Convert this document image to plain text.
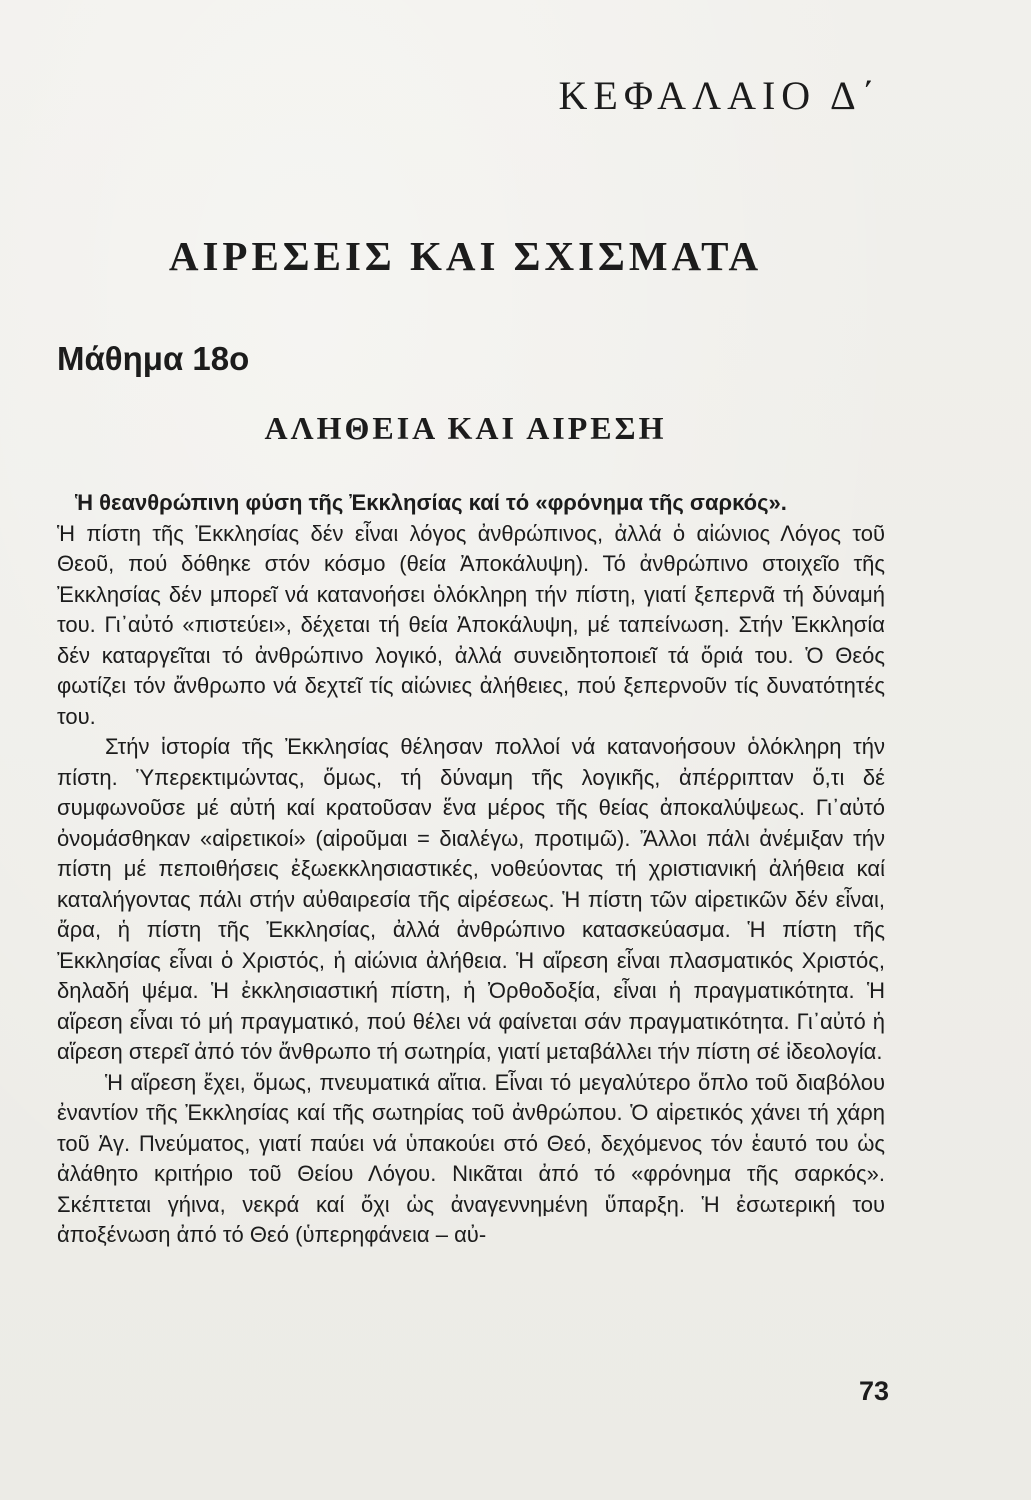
ΚΕΦΑΛΑΙΟ Δ΄
ΑΙΡΕΣΕΙΣ ΚΑΙ ΣΧΙΣΜΑΤΑ
Μάθημα 18ο
ΑΛΗΘΕΙΑ ΚΑΙ ΑΙΡΕΣΗ

Ἡ θεανθρώπινη φύση τῆς Ἐκκλησίας καί τό «φρόνημα τῆς σαρκός».

Ἡ πίστη τῆς Ἐκκλησίας δέν εἶναι λόγος ἀνθρώπινος, ἀλλά ὁ αἰώνιος Λόγος τοῦ Θεοῦ, πού δόθηκε στόν κόσμο (θεία Ἀποκάλυψη). Τό ἀνθρώπινο στοιχεῖο τῆς Ἐκκλησίας δέν μπορεῖ νά κατανοήσει ὁλόκληρη τήν πίστη, γιατί ξεπερνᾶ τή δύναμή του. Γι᾽αὐτό «πιστεύει», δέχεται τή θεία Ἀποκάλυψη, μέ ταπείνωση. Στήν Ἐκκλησία δέν καταργεῖται τό ἀνθρώπινο λογικό, ἀλλά συνειδητοποιεῖ τά ὅριά του. Ὁ Θεός φωτίζει τόν ἄνθρωπο νά δεχτεῖ τίς αἰώνιες ἀλήθειες, πού ξεπερνοῦν τίς δυνατότητές του.

Στήν ἱστορία τῆς Ἐκκλησίας θέλησαν πολλοί νά κατανοήσουν ὁλόκληρη τήν πίστη. Ὑπερεκτιμώντας, ὅμως, τή δύναμη τῆς λογικῆς, ἀπέρριπταν ὅ,τι δέ συμφωνοῦσε μέ αὐτή καί κρατοῦσαν ἕνα μέρος τῆς θείας ἀποκαλύψεως. Γι᾽αὐτό ὀνομάσθηκαν «αἱρετικοί» (αἱροῦμαι = διαλέγω, προτιμῶ). Ἄλλοι πάλι ἀνέμιξαν τήν πίστη μέ πεποιθήσεις ἐξωεκκλησιαστικές, νοθεύοντας τή χριστιανική ἀλήθεια καί καταλήγοντας πάλι στήν αὐθαιρεσία τῆς αἱρέσεως. Ἡ πίστη τῶν αἱρετικῶν δέν εἶναι, ἄρα, ἡ πίστη τῆς Ἐκκλησίας, ἀλλά ἀνθρώπινο κατασκεύασμα. Ἡ πίστη τῆς Ἐκκλησίας εἶναι ὁ Χριστός, ἡ αἰώνια ἀλήθεια. Ἡ αἵρεση εἶναι πλασματικός Χριστός, δηλαδή ψέμα. Ἡ ἐκκλησιαστική πίστη, ἡ Ὀρθοδοξία, εἶναι ἡ πραγματικότητα. Ἡ αἵρεση εἶναι τό μή πραγματικό, πού θέλει νά φαίνεται σάν πραγματικότητα. Γι᾽αὐτό ἡ αἵρεση στερεῖ ἀπό τόν ἄνθρωπο τή σωτηρία, γιατί μεταβάλλει τήν πίστη σέ ἰδεολογία.

Ἡ αἵρεση ἔχει, ὅμως, πνευματικά αἴτια. Εἶναι τό μεγαλύτερο ὅπλο τοῦ διαβόλου ἐναντίον τῆς Ἐκκλησίας καί τῆς σωτηρίας τοῦ ἀνθρώπου. Ὁ αἱρετικός χάνει τή χάρη τοῦ Ἁγ. Πνεύματος, γιατί παύει νά ὑπακούει στό Θεό, δεχόμενος τόν ἑαυτό του ὡς ἀλάθητο κριτήριο τοῦ Θείου Λόγου. Νικᾶται ἀπό τό «φρόνημα τῆς σαρκός». Σκέπτεται γήινα, νεκρά καί ὄχι ὡς ἀναγεννημένη ὕπαρξη. Ἡ ἐσωτερική του ἀποξένωση ἀπό τό Θεό (ὑπερηφάνεια – αὐ-

73
